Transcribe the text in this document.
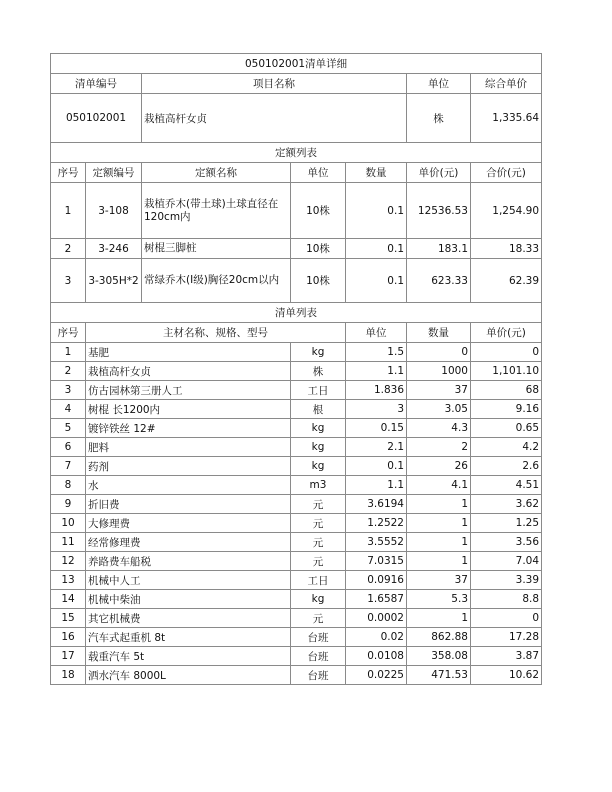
050102001清单详细							
清单编号		项目名称			单位	综合单价	
050102001		栽植高杆女贞			株	1,335.64	
定额列表							
序号	定额编号	定额名称	单位	数量	单价(元)	合价(元)	
1	3-108	栽植乔木(带土球)土球直径在120cm内	10株	0.1	12536.53	1,254.90	
2	3-246	树棍三脚桩	10株	0.1	183.1	18.33	
3	3-305H*2	常绿乔木(I级)胸径20cm以内	10株	0.1	623.33	62.39	
清单列表							
序号	主材名称、规格、型号			单位	数量	单价(元)	
1	基肥		kg	1.5	0	0	
2	栽植高杆女贞		株	1.1	1000	1,101.10	
3	仿古园林第三册人工		工日	1.836	37	68	
4	树棍 长1200内		根	3	3.05	9.16	
5	镀锌铁丝 12#		kg	0.15	4.3	0.65	
6	肥料		kg	2.1	2	4.2	
7	药剂		kg	0.1	26	2.6	
8	水		m3	1.1	4.1	4.51	
9	折旧费		元	3.6194	1	3.62	
10	大修理费		元	1.2522	1	1.25	
11	经常修理费		元	3.5552	1	3.56	
12	养路费车船税		元	7.0315	1	7.04	
13	机械中人工		工日	0.0916	37	3.39	
14	机械中柴油		kg	1.6587	5.3	8.8	
15	其它机械费		元	0.0002	1	0	
16	汽车式起重机 8t		台班	0.02	862.88	17.28	
17	载重汽车 5t		台班	0.0108	358.08	3.87	
18	洒水汽车 8000L		台班	0.0225	471.53	10.62	
